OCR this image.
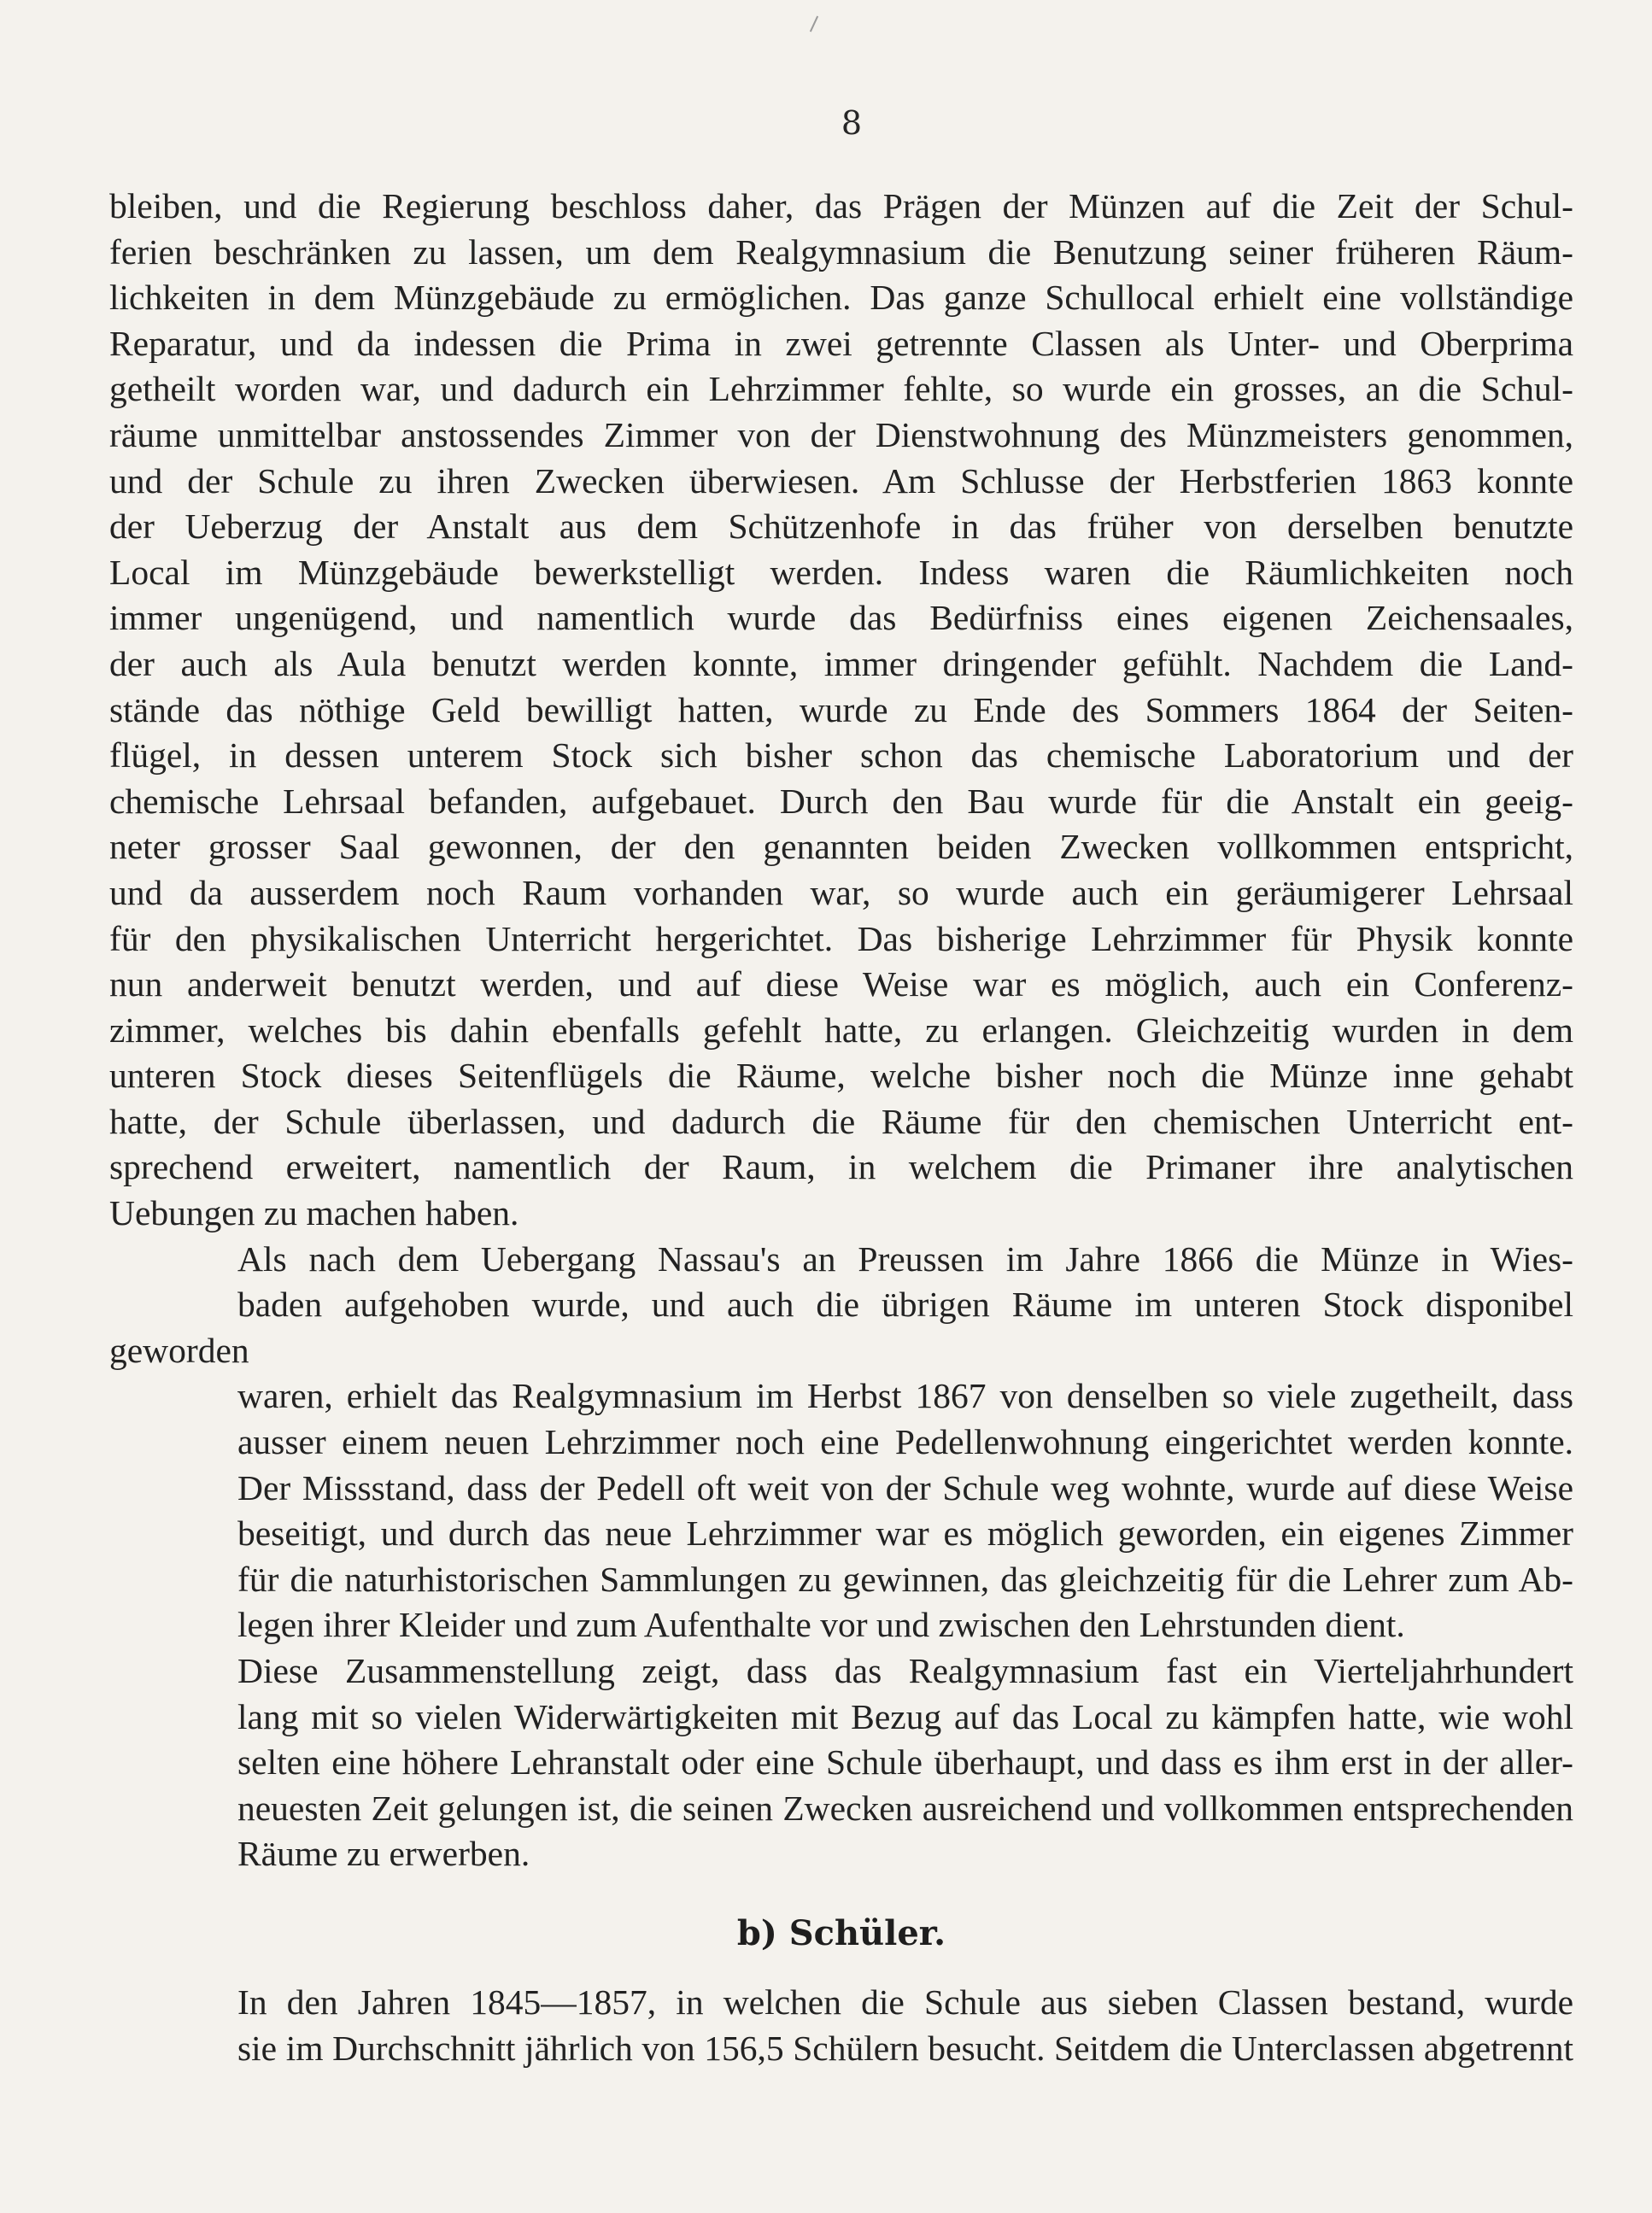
8
bleiben, und die Regierung beschloss daher, das Prägen der Münzen auf die Zeit der Schul-
ferien beschränken zu lassen, um dem Realgymnasium die Benutzung seiner früheren Räum-
lichkeiten in dem Münzgebäude zu ermöglichen. Das ganze Schullocal erhielt eine vollständige
Reparatur, und da indessen die Prima in zwei getrennte Classen als Unter- und Oberprima
getheilt worden war, und dadurch ein Lehrzimmer fehlte, so wurde ein grosses, an die Schul-
räume unmittelbar anstossendes Zimmer von der Dienstwohnung des Münzmeisters genommen,
und der Schule zu ihren Zwecken überwiesen. Am Schlusse der Herbstferien 1863 konnte
der Ueberzug der Anstalt aus dem Schützenhofe in das früher von derselben benutzte
Local im Münzgebäude bewerkstelligt werden. Indess waren die Räumlichkeiten noch
immer ungenügend, und namentlich wurde das Bedürfniss eines eigenen Zeichensaales,
der auch als Aula benutzt werden konnte, immer dringender gefühlt. Nachdem die Land-
stände das nöthige Geld bewilligt hatten, wurde zu Ende des Sommers 1864 der Seiten-
flügel, in dessen unterem Stock sich bisher schon das chemische Laboratorium und der
chemische Lehrsaal befanden, aufgebauet. Durch den Bau wurde für die Anstalt ein geeig-
neter grosser Saal gewonnen, der den genannten beiden Zwecken vollkommen entspricht,
und da ausserdem noch Raum vorhanden war, so wurde auch ein geräumigerer Lehrsaal
für den physikalischen Unterricht hergerichtet. Das bisherige Lehrzimmer für Physik konnte
nun anderweit benutzt werden, und auf diese Weise war es möglich, auch ein Conferenz-
zimmer, welches bis dahin ebenfalls gefehlt hatte, zu erlangen. Gleichzeitig wurden in dem
unteren Stock dieses Seitenflügels die Räume, welche bisher noch die Münze inne gehabt
hatte, der Schule überlassen, und dadurch die Räume für den chemischen Unterricht ent-
sprechend erweitert, namentlich der Raum, in welchem die Primaner ihre analytischen
Uebungen zu machen haben.
Als nach dem Uebergang Nassau's an Preussen im Jahre 1866 die Münze in Wies-
baden aufgehoben wurde, und auch die übrigen Räume im unteren Stock disponibel geworden
waren, erhielt das Realgymnasium im Herbst 1867 von denselben so viele zugetheilt, dass
ausser einem neuen Lehrzimmer noch eine Pedellenwohnung eingerichtet werden konnte.
Der Missstand, dass der Pedell oft weit von der Schule weg wohnte, wurde auf diese Weise
beseitigt, und durch das neue Lehrzimmer war es möglich geworden, ein eigenes Zimmer
für die naturhistorischen Sammlungen zu gewinnen, das gleichzeitig für die Lehrer zum Ab-
legen ihrer Kleider und zum Aufenthalte vor und zwischen den Lehrstunden dient.
Diese Zusammenstellung zeigt, dass das Realgymnasium fast ein Vierteljahrhundert
lang mit so vielen Widerwärtigkeiten mit Bezug auf das Local zu kämpfen hatte, wie wohl
selten eine höhere Lehranstalt oder eine Schule überhaupt, und dass es ihm erst in der aller-
neuesten Zeit gelungen ist, die seinen Zwecken ausreichend und vollkommen entsprechenden
Räume zu erwerben.
b) Schüler.
In den Jahren 1845—1857, in welchen die Schule aus sieben Classen bestand, wurde
sie im Durchschnitt jährlich von 156,5 Schülern besucht. Seitdem die Unterclassen abgetrennt
